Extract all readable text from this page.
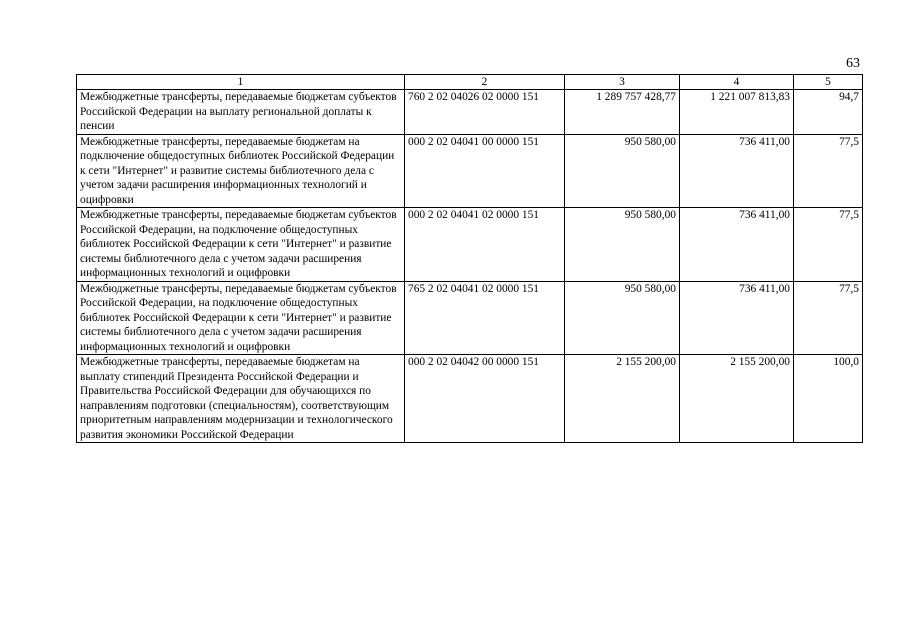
63
1	2	3	4	5
Межбюджетные трансферты, передаваемые бюджетам субъектов Российской Федерации на выплату региональной доплаты к пенсии	760 2 02 04026 02 0000 151	1 289 757 428,77	1 221 007 813,83	94,7
Межбюджетные трансферты, передаваемые бюджетам на подключение общедоступных библиотек Российской Федерации к сети "Интернет" и развитие системы библиотечного дела с учетом задачи расширения информационных технологий и оцифровки	000 2 02 04041 00 0000 151	950 580,00	736 411,00	77,5
Межбюджетные трансферты, передаваемые бюджетам субъектов Российской Федерации, на подключение общедоступных библиотек Российской Федерации к сети "Интернет" и развитие системы библиотечного дела с учетом задачи расширения информационных технологий и оцифровки	000 2 02 04041 02 0000 151	950 580,00	736 411,00	77,5
Межбюджетные трансферты, передаваемые бюджетам субъектов Российской Федерации, на подключение общедоступных библиотек Российской Федерации к сети "Интернет" и развитие системы библиотечного дела с учетом задачи расширения информационных технологий и оцифровки	765 2 02 04041 02 0000 151	950 580,00	736 411,00	77,5
Межбюджетные трансферты, передаваемые бюджетам на выплату стипендий Президента Российской Федерации и Правительства Российской Федерации для обучающихся по направлениям подготовки (специальностям), соответствующим приоритетным направлениям модернизации и технологического развития экономики Российской Федерации	000 2 02 04042 00 0000 151	2 155 200,00	2 155 200,00	100,0
